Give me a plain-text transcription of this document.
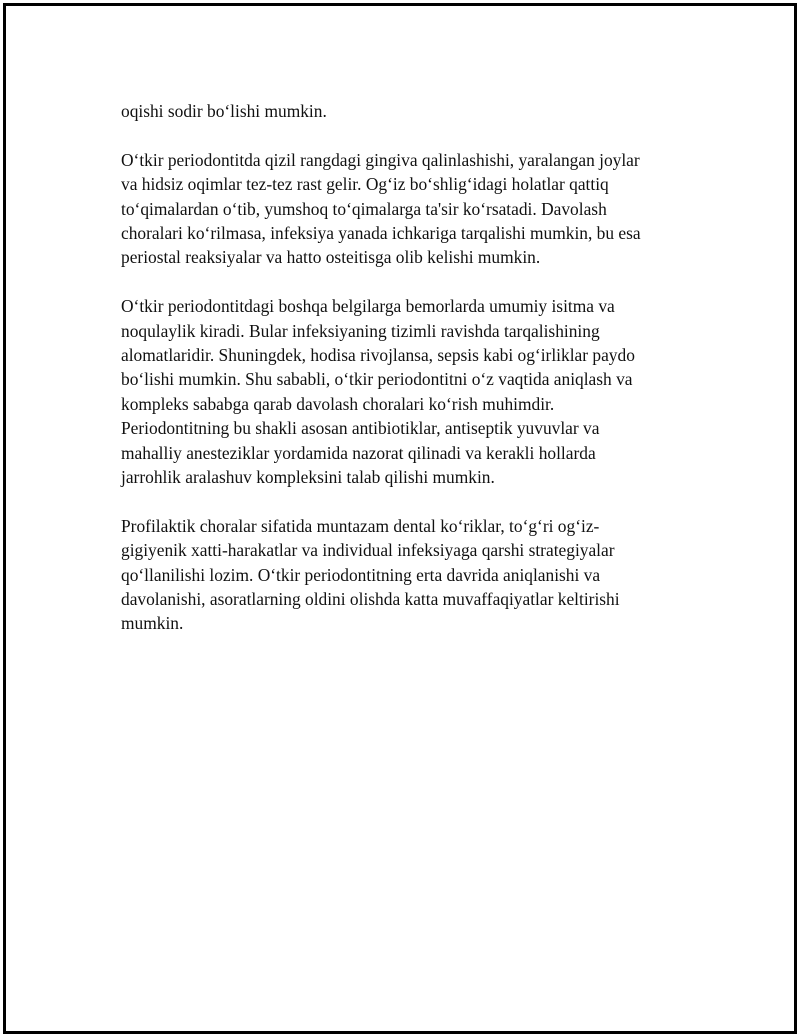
oqishi sodir bo‘lishi mumkin.

O‘tkir periodontitda qizil rangdagi gingiva qalinlashishi, yaralangan joylar
va hidsiz oqimlar tez-tez rast gelir. Og‘iz bo‘shlig‘idagi holatlar qattiq
to‘qimalardan o‘tib, yumshoq to‘qimalarga ta'sir ko‘rsatadi. Davolash
choralari ko‘rilmasa, infeksiya yanada ichkariga tarqalishi mumkin, bu esa
periostal reaksiyalar va hatto osteitisga olib kelishi mumkin.

O‘tkir periodontitdagi boshqa belgilarga bemorlarda umumiy isitma va
noqulaylik kiradi. Bular infeksiyaning tizimli ravishda tarqalishining
alomatlaridir. Shuningdek, hodisa rivojlansa, sepsis kabi og‘irliklar paydo
bo‘lishi mumkin. Shu sababli, o‘tkir periodontitni o‘z vaqtida aniqlash va
kompleks sababga qarab davolash choralari ko‘rish muhimdir.
Periodontitning bu shakli asosan antibiotiklar, antiseptik yuvuvlar va
mahalliy anesteziklar yordamida nazorat qilinadi va kerakli hollarda
jarrohlik aralashuv kompleksini talab qilishi mumkin.

Profilaktik choralar sifatida muntazam dental ko‘riklar, to‘g‘ri og‘iz-
gigiyenik xatti-harakatlar va individual infeksiyaga qarshi strategiyalar
qo‘llanilishi lozim. O‘tkir periodontitning erta davrida aniqlanishi va
davolanishi, asoratlarning oldini olishda katta muvaffaqiyatlar keltirishi
mumkin.
